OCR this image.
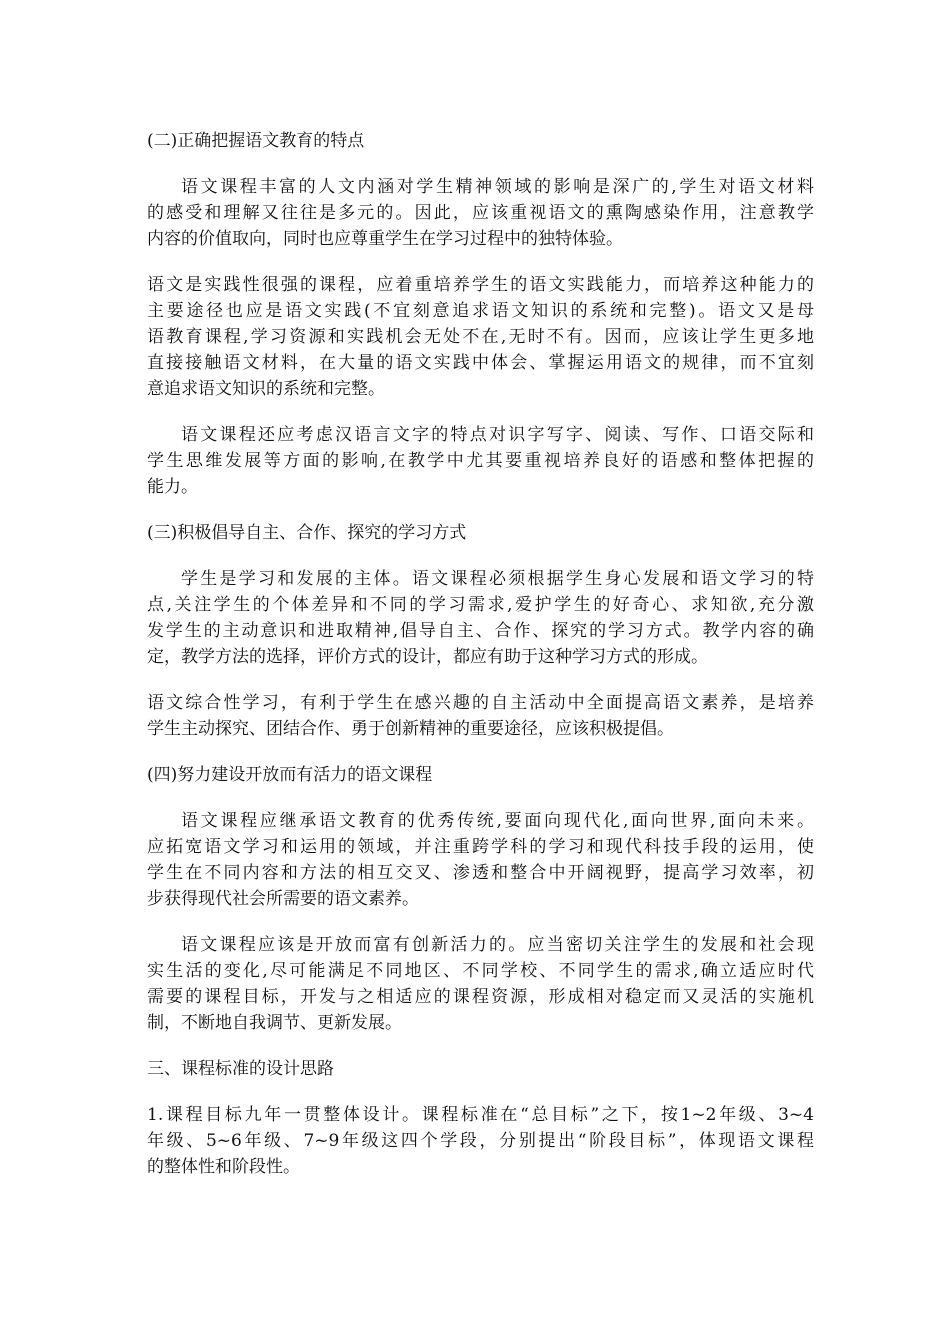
(二)正确把握语文教育的特点
语文课程丰富的人文内涵对学生精神领域的影响是深广的,学生对语文材料
的感受和理解又往往是多元的。因此，应该重视语文的熏陶感染作用，注意教学
内容的价值取向，同时也应尊重学生在学习过程中的独特体验。
语文是实践性很强的课程，应着重培养学生的语文实践能力，而培养这种能力的
主要途径也应是语文实践(不宜刻意追求语文知识的系统和完整)。语文又是母
语教育课程,学习资源和实践机会无处不在,无时不有。因而，应该让学生更多地
直接接触语文材料，在大量的语文实践中体会、掌握运用语文的规律，而不宜刻
意追求语文知识的系统和完整。
语文课程还应考虑汉语言文字的特点对识字写字、阅读、写作、口语交际和
学生思维发展等方面的影响,在教学中尤其要重视培养良好的语感和整体把握的
能力。
(三)积极倡导自主、合作、探究的学习方式
学生是学习和发展的主体。语文课程必须根据学生身心发展和语文学习的特
点,关注学生的个体差异和不同的学习需求,爱护学生的好奇心、求知欲,充分激
发学生的主动意识和进取精神,倡导自主、合作、探究的学习方式。教学内容的确
定，教学方法的选择，评价方式的设计，都应有助于这种学习方式的形成。
语文综合性学习，有利于学生在感兴趣的自主活动中全面提高语文素养，是培养
学生主动探究、团结合作、勇于创新精神的重要途径，应该积极提倡。
(四)努力建设开放而有活力的语文课程
语文课程应继承语文教育的优秀传统,要面向现代化,面向世界,面向未来。
应拓宽语文学习和运用的领域，并注重跨学科的学习和现代科技手段的运用，使
学生在不同内容和方法的相互交叉、渗透和整合中开阔视野，提高学习效率，初
步获得现代社会所需要的语文素养。
语文课程应该是开放而富有创新活力的。应当密切关注学生的发展和社会现
实生活的变化,尽可能满足不同地区、不同学校、不同学生的需求,确立适应时代
需要的课程目标，开发与之相适应的课程资源，形成相对稳定而又灵活的实施机
制，不断地自我调节、更新发展。
三、课程标准的设计思路
1.课程目标九年一贯整体设计。课程标准在“总目标”之下，按1~2年级、3~4
年级、5~6年级、7~9年级这四个学段，分别提出“阶段目标”，体现语文课程
的整体性和阶段性。
